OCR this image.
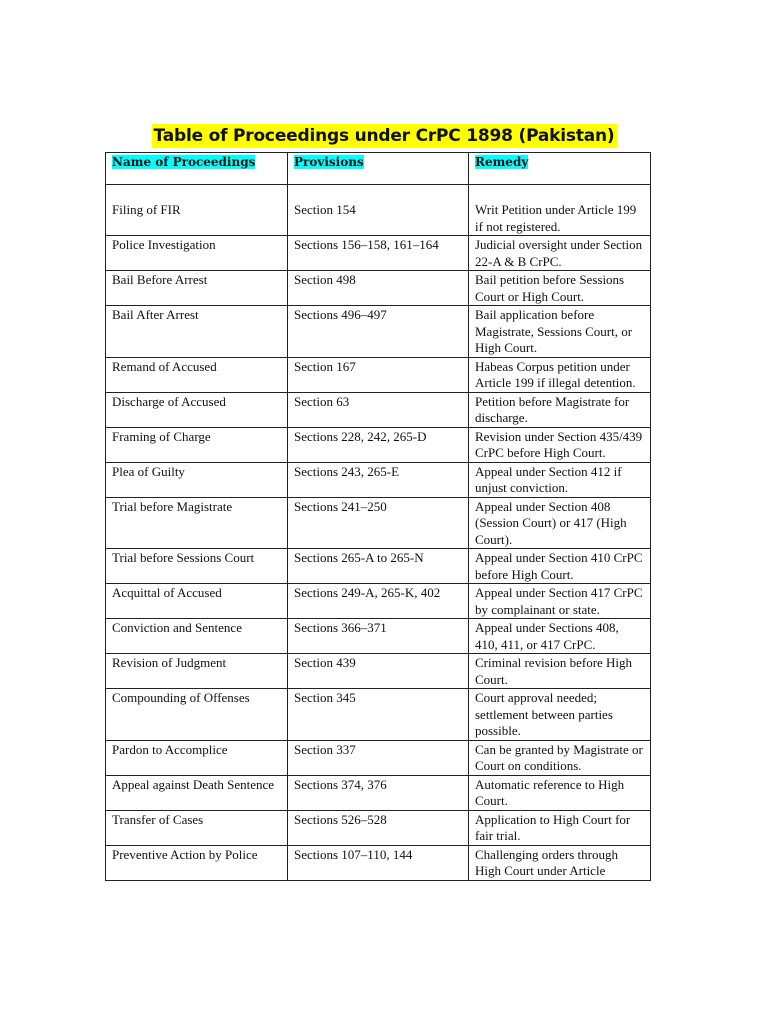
Table of Proceedings under CrPC 1898 (Pakistan)
Name of Proceedings	Provisions	Remedy
Filing of FIR	Section 154	Writ Petition under Article 199 if not registered.
Police Investigation	Sections 156–158, 161–164	Judicial oversight under Section 22-A & B CrPC.
Bail Before Arrest	Section 498	Bail petition before Sessions Court or High Court.
Bail After Arrest	Sections 496–497	Bail application before Magistrate, Sessions Court, or High Court.
Remand of Accused	Section 167	Habeas Corpus petition under Article 199 if illegal detention.
Discharge of Accused	Section 63	Petition before Magistrate for discharge.
Framing of Charge	Sections 228, 242, 265-D	Revision under Section 435/439 CrPC before High Court.
Plea of Guilty	Sections 243, 265-E	Appeal under Section 412 if unjust conviction.
Trial before Magistrate	Sections 241–250	Appeal under Section 408 (Session Court) or 417 (High Court).
Trial before Sessions Court	Sections 265-A to 265-N	Appeal under Section 410 CrPC before High Court.
Acquittal of Accused	Sections 249-A, 265-K, 402	Appeal under Section 417 CrPC by complainant or state.
Conviction and Sentence	Sections 366–371	Appeal under Sections 408, 410, 411, or 417 CrPC.
Revision of Judgment	Section 439	Criminal revision before High Court.
Compounding of Offenses	Section 345	Court approval needed; settlement between parties possible.
Pardon to Accomplice	Section 337	Can be granted by Magistrate or Court on conditions.
Appeal against Death Sentence	Sections 374, 376	Automatic reference to High Court.
Transfer of Cases	Sections 526–528	Application to High Court for fair trial.
Preventive Action by Police	Sections 107–110, 144	Challenging orders through High Court under Article
